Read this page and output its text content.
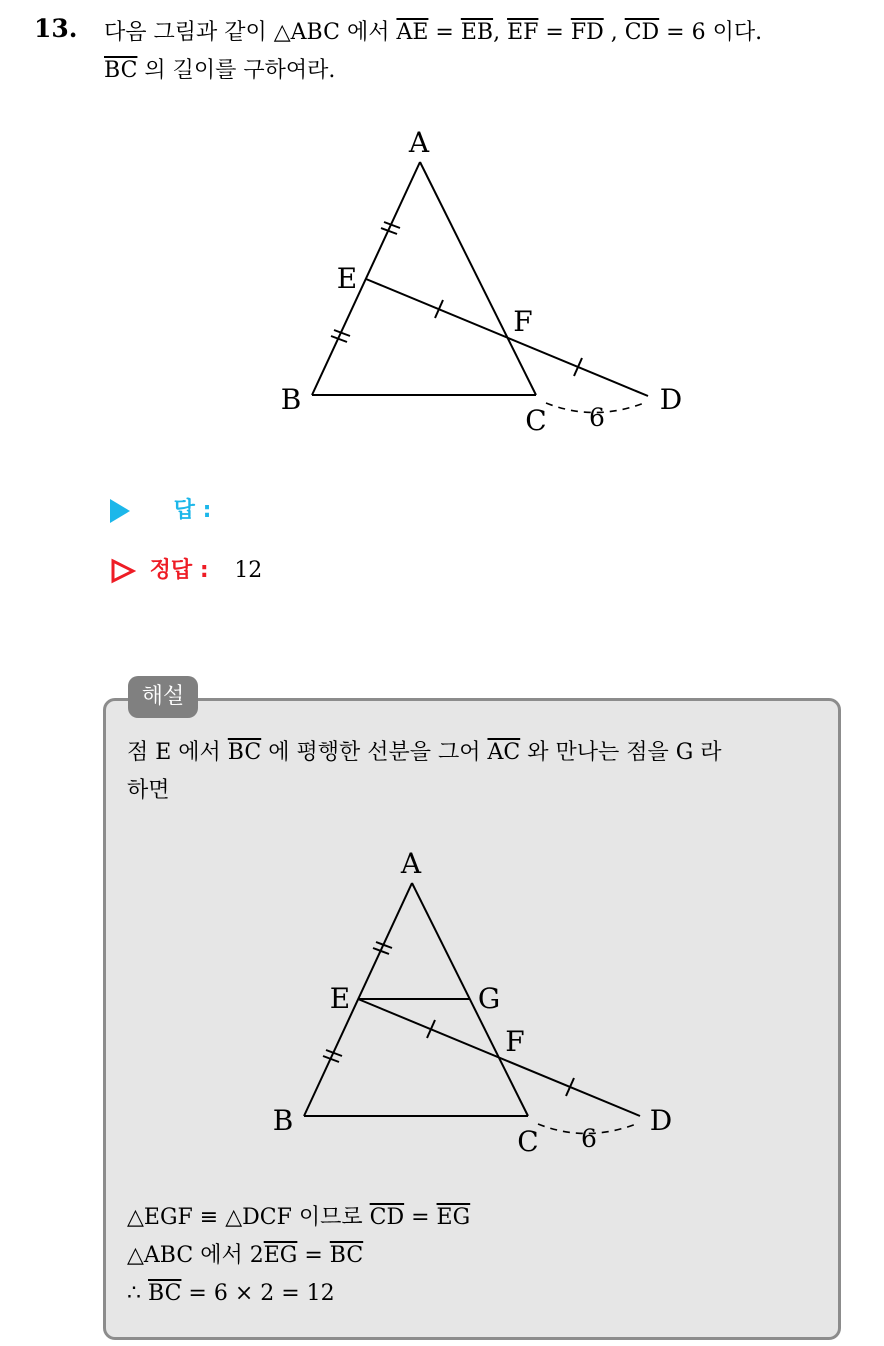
13. 다음 그림과 같이 △ABC 에서 $\overline{AE} = \overline{EB}$, $\overline{EF} = \overline{FD}$ , $\overline{CD} = 6$ 이다.
$\overline{BC}$ 의 길이를 구하여라.
A
B
C
D
E
F
6
답 :
정답 : 12
해설
점 E 에서 $\overline{BC}$ 에 평행한 선분을 그어 $\overline{AC}$ 와 만나는 점을 G 라
하면
A
B
C
D
E	G
F
6
△EGF ≡ △DCF 이므로 $\overline{CD} = \overline{EG}$
△ABC 에서 $2\overline{EG} = \overline{BC}$
∴ $\overline{BC} = 6 \times 2 = 12$
